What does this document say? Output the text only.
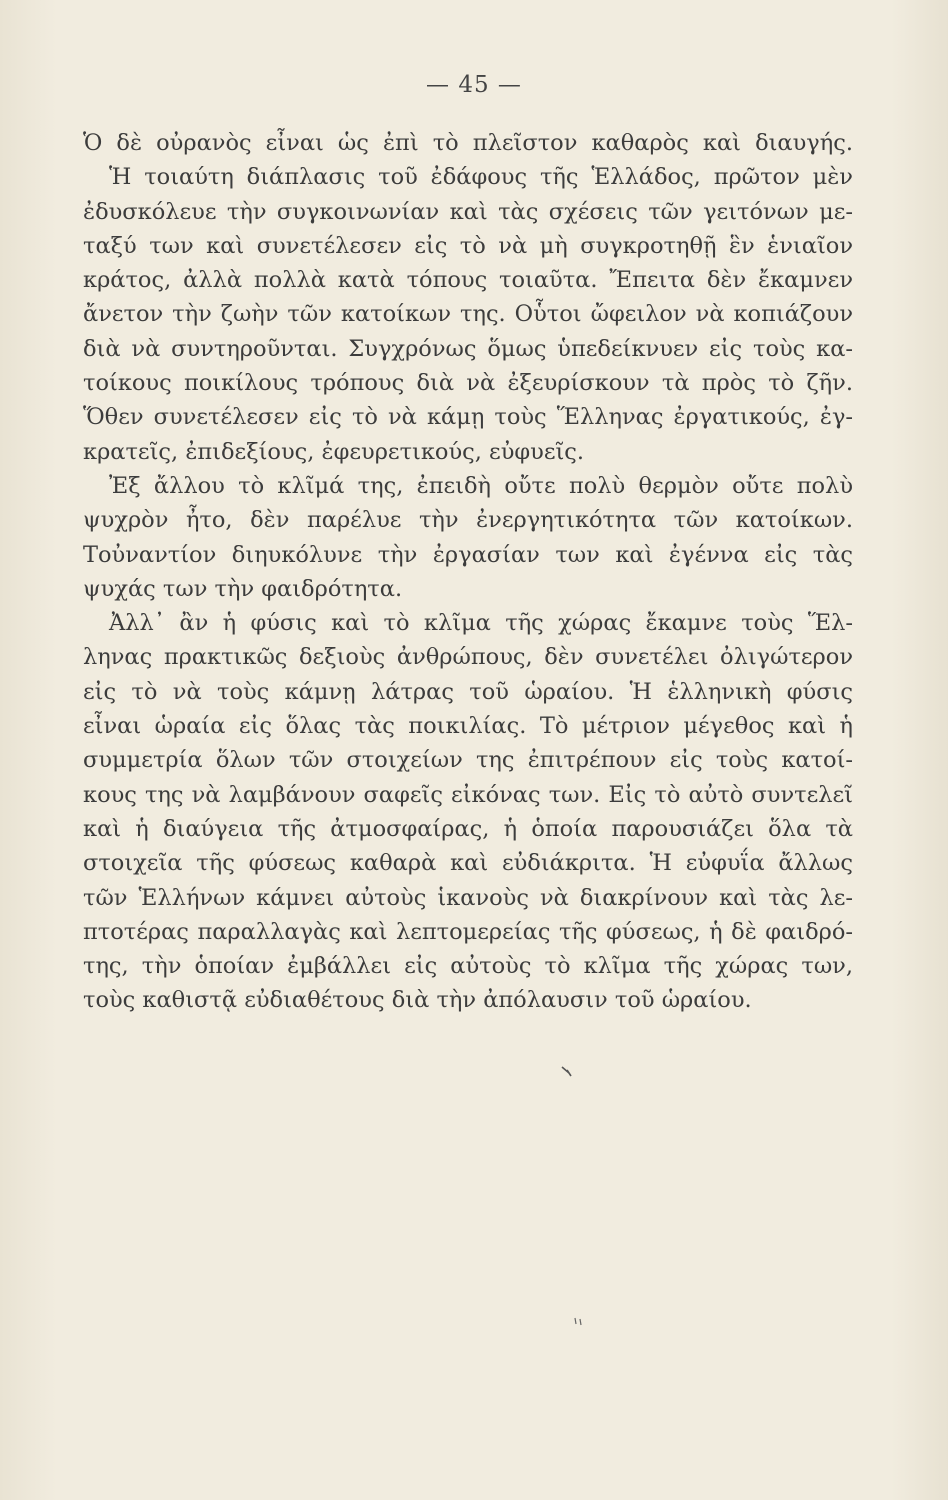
— 45 —
Ὁ δὲ οὐρανὸς εἶναι ὡς ἐπὶ τὸ πλεῖστον καθαρὸς καὶ διαυγής.
Ἡ τοιαύτη διάπλασις τοῦ ἐδάφους τῆς Ἑλλάδος, πρῶτον μὲν
ἐδυσκόλευε τὴν συγκοινωνίαν καὶ τὰς σχέσεις τῶν γειτόνων με-
ταξύ των καὶ συνετέλεσεν εἰς τὸ νὰ μὴ συγκροτηθῇ ἓν ἑνιαῖον
κράτος, ἀλλὰ πολλὰ κατὰ τόπους τοιαῦτα. Ἔπειτα δὲν ἔκαμνεν
ἄνετον τὴν ζωὴν τῶν κατοίκων της. Οὗτοι ὤφειλον νὰ κοπιάζουν
διὰ νὰ συντηροῦνται. Συγχρόνως ὅμως ὑπεδείκνυεν εἰς τοὺς κα-
τοίκους ποικίλους τρόπους διὰ νὰ ἐξευρίσκουν τὰ πρὸς τὸ ζῆν.
Ὅθεν συνετέλεσεν εἰς τὸ νὰ κάμῃ τοὺς Ἕλληνας ἐργατικούς, ἐγ-
κρατεῖς, ἐπιδεξίους, ἐφευρετικούς, εὐφυεῖς.
Ἐξ ἄλλου τὸ κλῖμά της, ἐπειδὴ οὔτε πολὺ θερμὸν οὔτε πολὺ
ψυχρὸν ἦτο, δὲν παρέλυε τὴν ἐνεργητικότητα τῶν κατοίκων.
Τοὐναντίον διηυκόλυνε τὴν ἐργασίαν των καὶ ἐγέννα εἰς τὰς
ψυχάς των τὴν φαιδρότητα.
Ἀλλ᾽ ἂν ἡ φύσις καὶ τὸ κλῖμα τῆς χώρας ἔκαμνε τοὺς Ἕλ-
ληνας πρακτικῶς δεξιοὺς ἀνθρώπους, δὲν συνετέλει ὀλιγώτερον
εἰς τὸ νὰ τοὺς κάμνῃ λάτρας τοῦ ὡραίου. Ἡ ἑλληνικὴ φύσις
εἶναι ὡραία εἰς ὅλας τὰς ποικιλίας. Τὸ μέτριον μέγεθος καὶ ἡ
συμμετρία ὅλων τῶν στοιχείων της ἐπιτρέπουν εἰς τοὺς κατοί-
κους της νὰ λαμβάνουν σαφεῖς εἰκόνας των. Εἰς τὸ αὐτὸ συντελεῖ
καὶ ἡ διαύγεια τῆς ἀτμοσφαίρας, ἡ ὁποία παρουσιάζει ὅλα τὰ
στοιχεῖα τῆς φύσεως καθαρὰ καὶ εὐδιάκριτα. Ἡ εὐφυΐα ἄλλως
τῶν Ἑλλήνων κάμνει αὐτοὺς ἱκανοὺς νὰ διακρίνουν καὶ τὰς λε-
πτοτέρας παραλλαγὰς καὶ λεπτομερείας τῆς φύσεως, ἡ δὲ φαιδρό-
της, τὴν ὁποίαν ἐμβάλλει εἰς αὐτοὺς τὸ κλῖμα τῆς χώρας των,
τοὺς καθιστᾷ εὐδιαθέτους διὰ τὴν ἀπόλαυσιν τοῦ ὡραίου.
